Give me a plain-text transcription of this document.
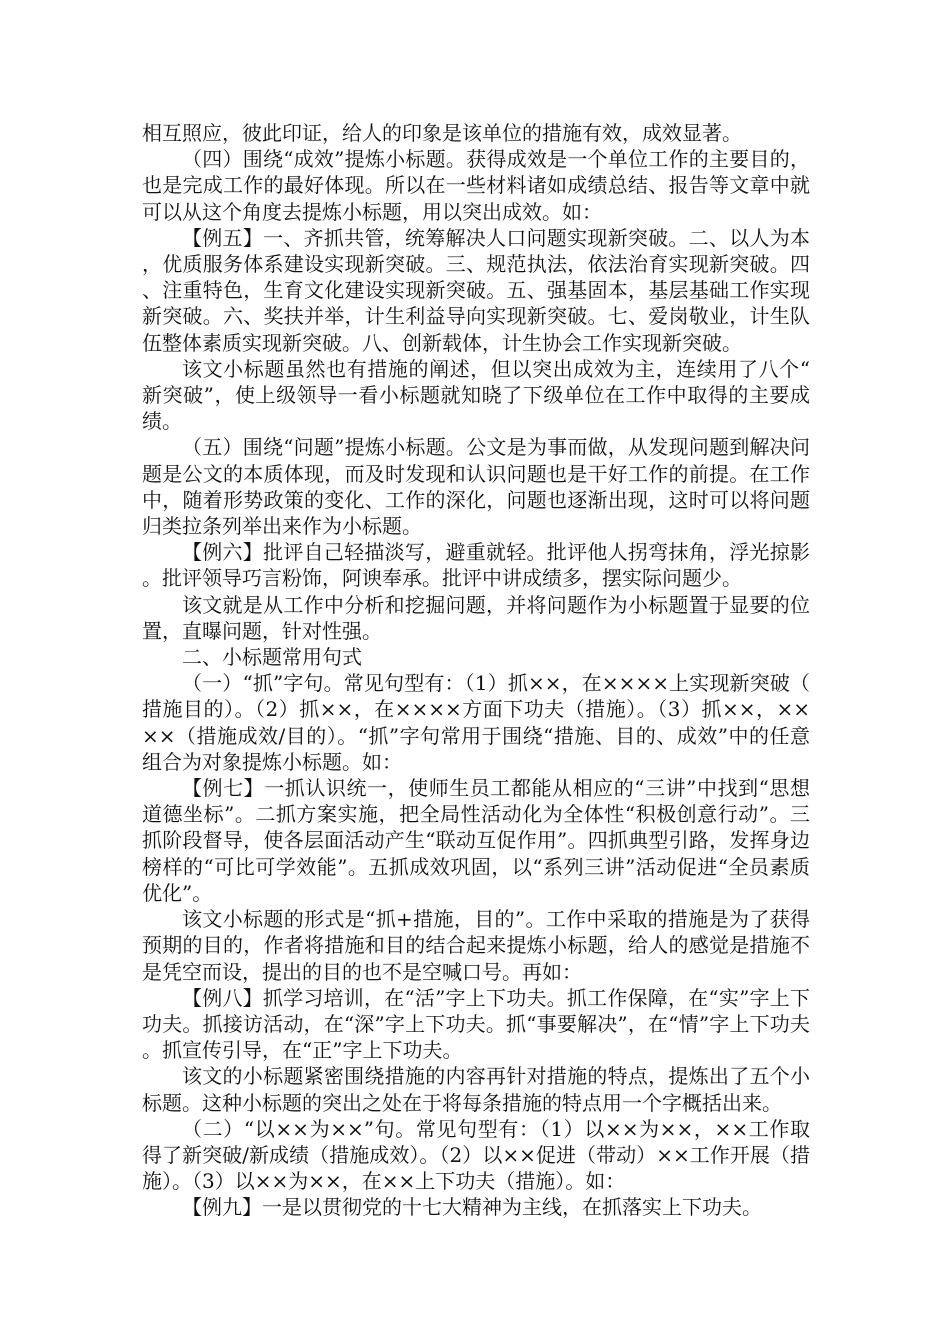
相互照应，彼此印证，给人的印象是该单位的措施有效，成效显著。

（四）围绕“成效”提炼小标题。获得成效是一个单位工作的主要目的，也是完成工作的最好体现。所以在一些材料诸如成绩总结、报告等文章中就可以从这个角度去提炼小标题，用以突出成效。如：

【例五】一、齐抓共管，统筹解决人口问题实现新突破。二、以人为本，优质服务体系建设实现新突破。三、规范执法，依法治育实现新突破。四、注重特色，生育文化建设实现新突破。五、强基固本，基层基础工作实现新突破。六、奖扶并举，计生利益导向实现新突破。七、爱岗敬业，计生队伍整体素质实现新突破。八、创新载体，计生协会工作实现新突破。

该文小标题虽然也有措施的阐述，但以突出成效为主，连续用了八个“新突破”，使上级领导一看小标题就知晓了下级单位在工作中取得的主要成绩。

（五）围绕“问题”提炼小标题。公文是为事而做，从发现问题到解决问题是公文的本质体现，而及时发现和认识问题也是干好工作的前提。在工作中，随着形势政策的变化、工作的深化，问题也逐渐出现，这时可以将问题归类拉条列举出来作为小标题。

【例六】批评自己轻描淡写，避重就轻。批评他人拐弯抹角，浮光掠影。批评领导巧言粉饰，阿谀奉承。批评中讲成绩多，摆实际问题少。

该文就是从工作中分析和挖掘问题，并将问题作为小标题置于显要的位置，直曝问题，针对性强。

二、小标题常用句式

（一）“抓”字句。常见句型有：（1）抓××，在××××上实现新突破（措施目的）。（2）抓××，在××××方面下功夫（措施）。（3）抓××，××××（措施成效/目的）。“抓”字句常用于围绕“措施、目的、成效”中的任意组合为对象提炼小标题。如：

【例七】一抓认识统一，使师生员工都能从相应的“三讲”中找到“思想道德坐标”。二抓方案实施，把全局性活动化为全体性“积极创意行动”。三抓阶段督导，使各层面活动产生“联动互促作用”。四抓典型引路，发挥身边榜样的“可比可学效能”。五抓成效巩固，以“系列三讲”活动促进“全员素质优化”。

该文小标题的形式是“抓+措施，目的”。工作中采取的措施是为了获得预期的目的，作者将措施和目的结合起来提炼小标题，给人的感觉是措施不是凭空而设，提出的目的也不是空喊口号。再如：

【例八】抓学习培训，在“活”字上下功夫。抓工作保障，在“实”字上下功夫。抓接访活动，在“深”字上下功夫。抓“事要解决”，在“情”字上下功夫。抓宣传引导，在“正”字上下功夫。

该文的小标题紧密围绕措施的内容再针对措施的特点，提炼出了五个小标题。这种小标题的突出之处在于将每条措施的特点用一个字概括出来。

（二）“以××为××”句。常见句型有：（1）以××为××，××工作取得了新突破/新成绩（措施成效）。（2）以××促进（带动）××工作开展（措施）。（3）以××为××，在××上下功夫（措施）。如：

【例九】一是以贯彻党的十七大精神为主线，在抓落实上下功夫。
